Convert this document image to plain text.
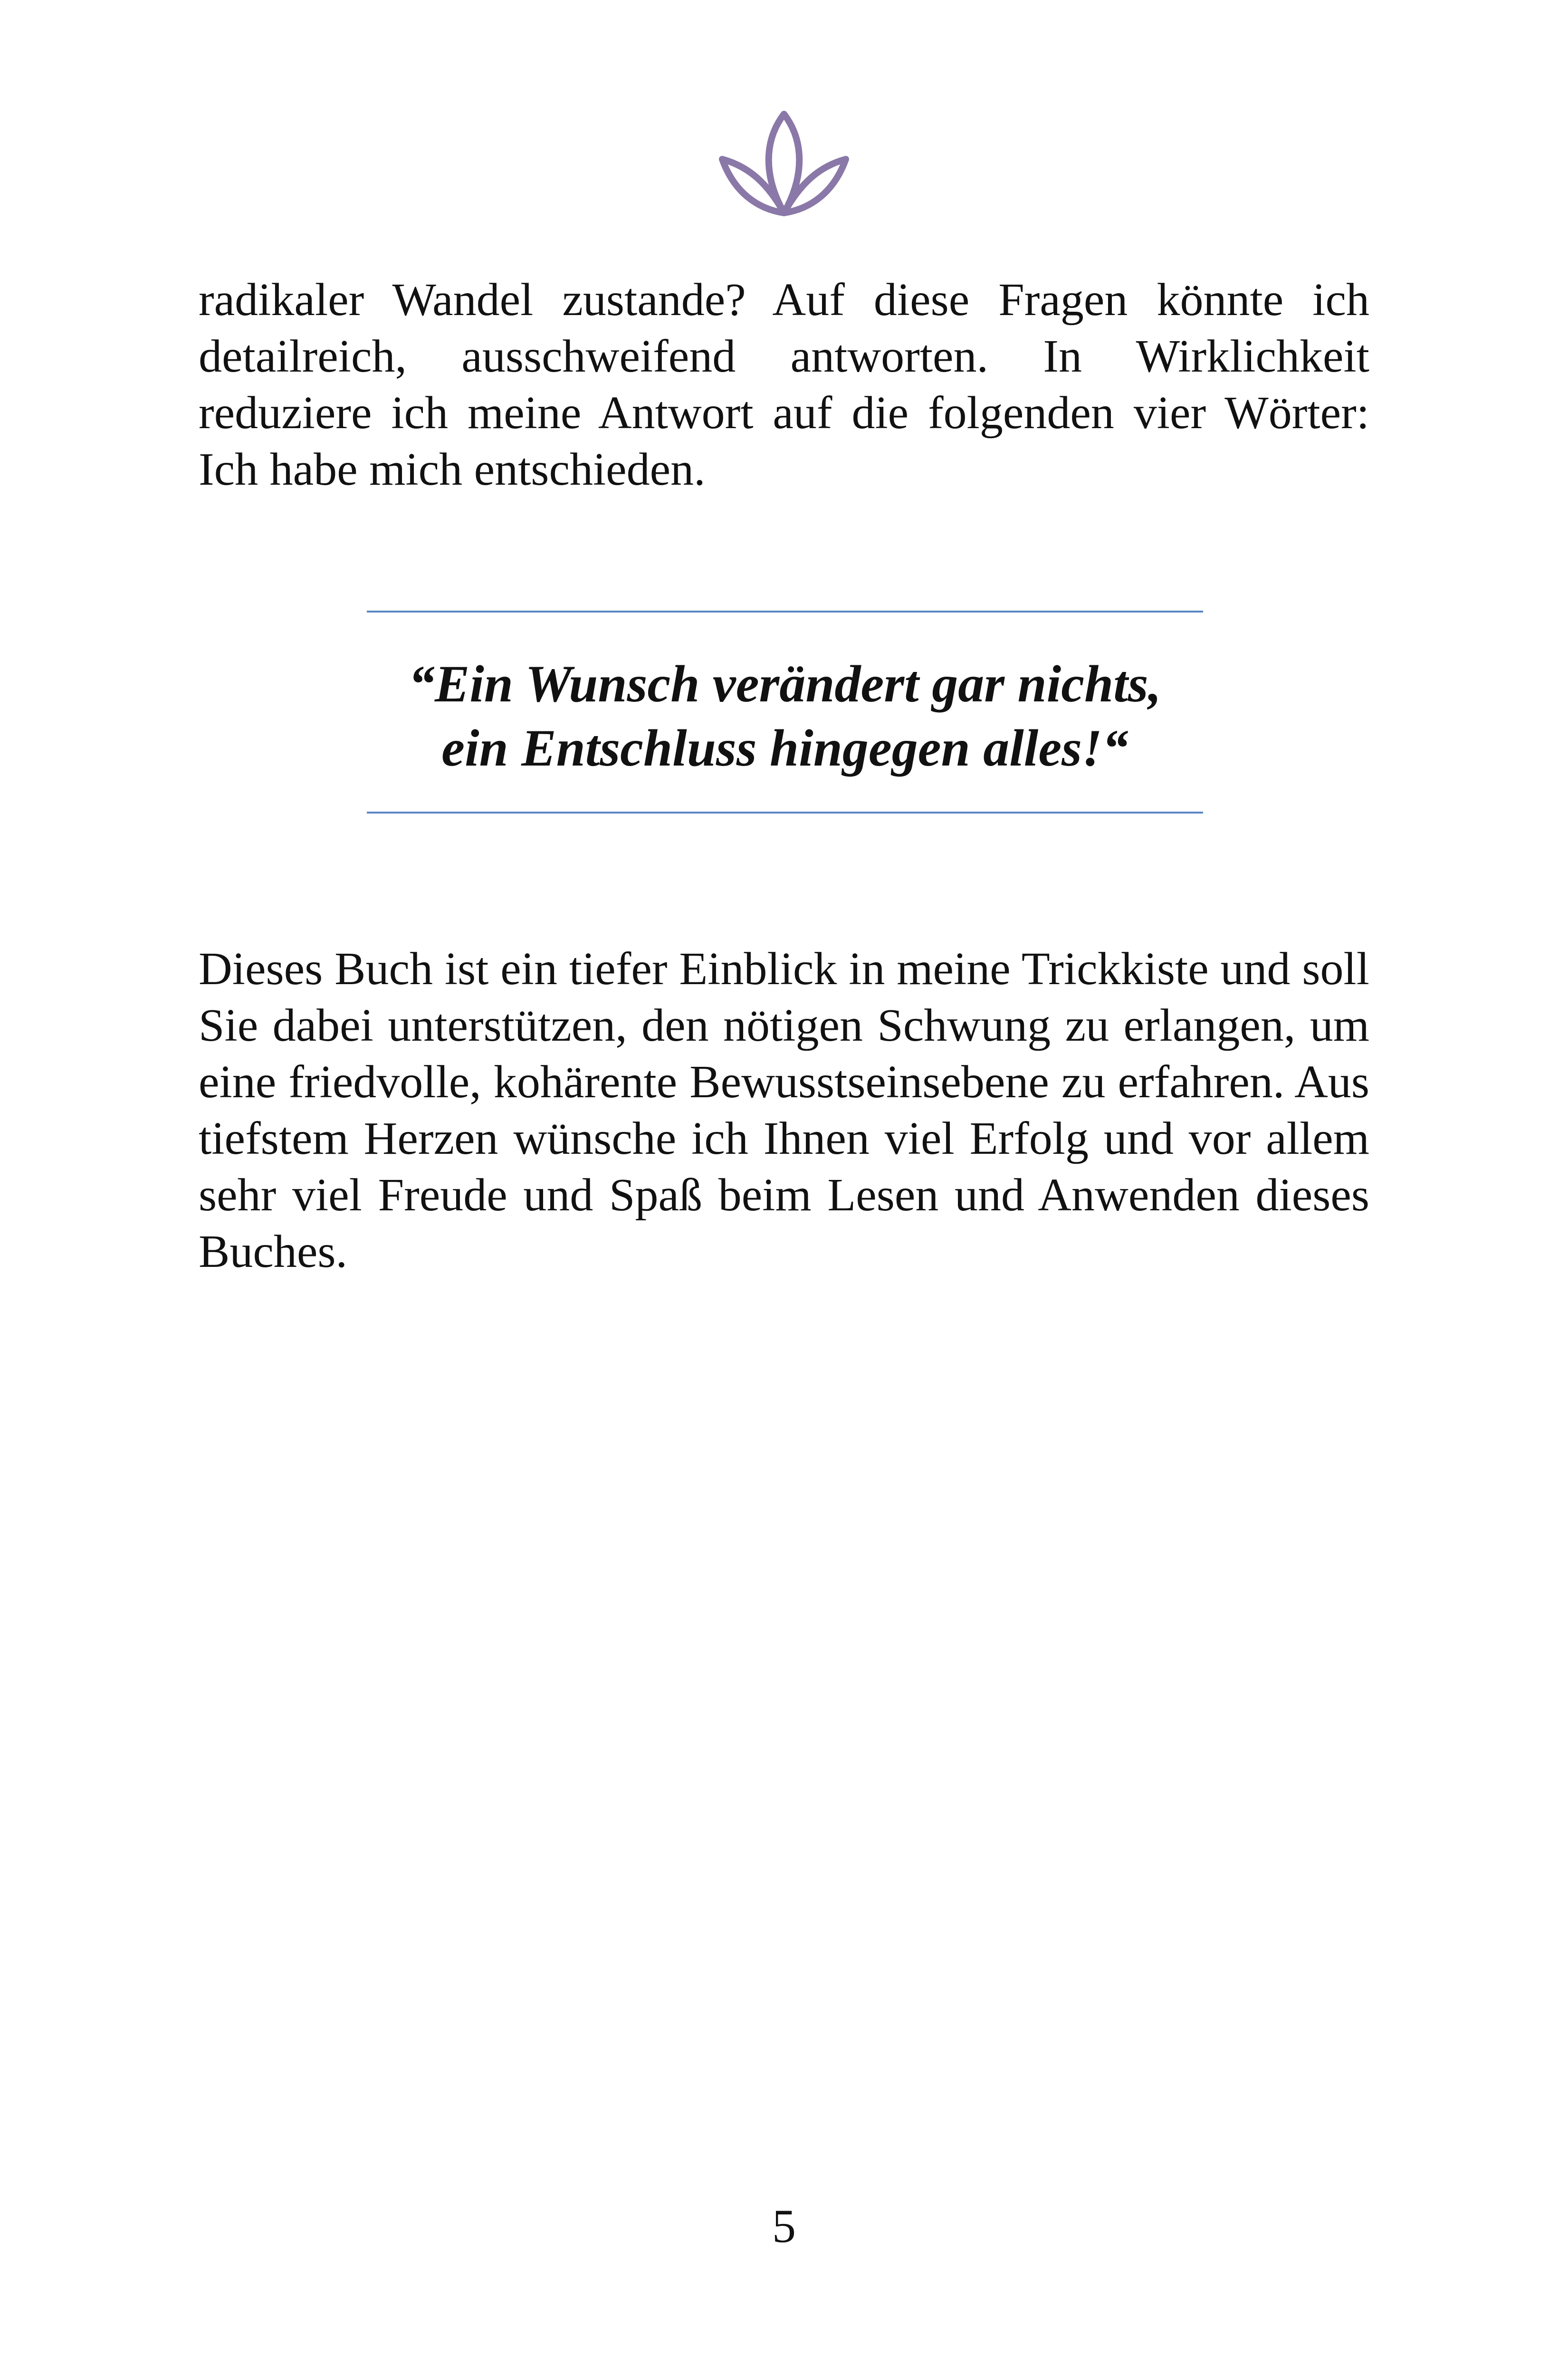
radikaler Wandel zustande? Auf diese Fragen könnte ich detailreich, ausschweifend antworten. In Wirklichkeit reduziere ich meine Antwort auf die folgenden vier Wörter: Ich habe mich entschieden.

“Ein Wunsch verändert gar nichts,
ein Entschluss hingegen alles!“

Dieses Buch ist ein tiefer Einblick in meine Trickkiste und soll Sie dabei unterstützen, den nötigen Schwung zu erlangen, um eine friedvolle, kohärente Bewusstseinsebene zu erfahren. Aus tiefstem Herzen wünsche ich Ihnen viel Erfolg und vor allem sehr viel Freude und Spaß beim Lesen und Anwenden dieses Buches.

5
